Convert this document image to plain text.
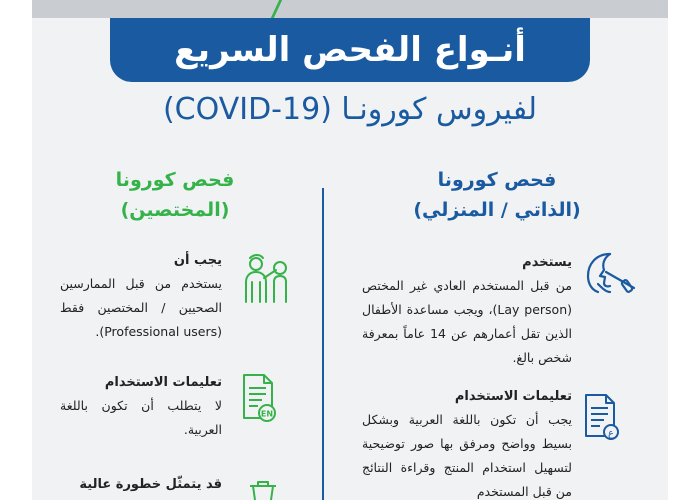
أنـواع الفحص السريع
لفيروس كورونـا (COVID-19)
فحص كورونا
(الذاتي / المنزلي)
يستخدم
من قبل المستخدم العادي غير المختص (Lay person)، ويجب مساعدة الأطفال الذين تقل أعمارهم عن 14 عاماً بمعرفة شخص بالغ.
ع
تعليمات الاستخدام
يجب أن تكون باللغة العربية وبشكل بسيط وواضح ومرفق بها صور توضيحية لتسهيل استخدام المنتج وقراءة النتائج من قبل المستخدم
فحص كورونا
(المختصين)
يجب أن
يستخدم من قبل الممارسين الصحيين / المختصين فقط (Professional users).
EN
تعليمات الاستخدام
لا يتطلب أن تكون باللغة العربية.
قد يتمثّل خطورة عالية
